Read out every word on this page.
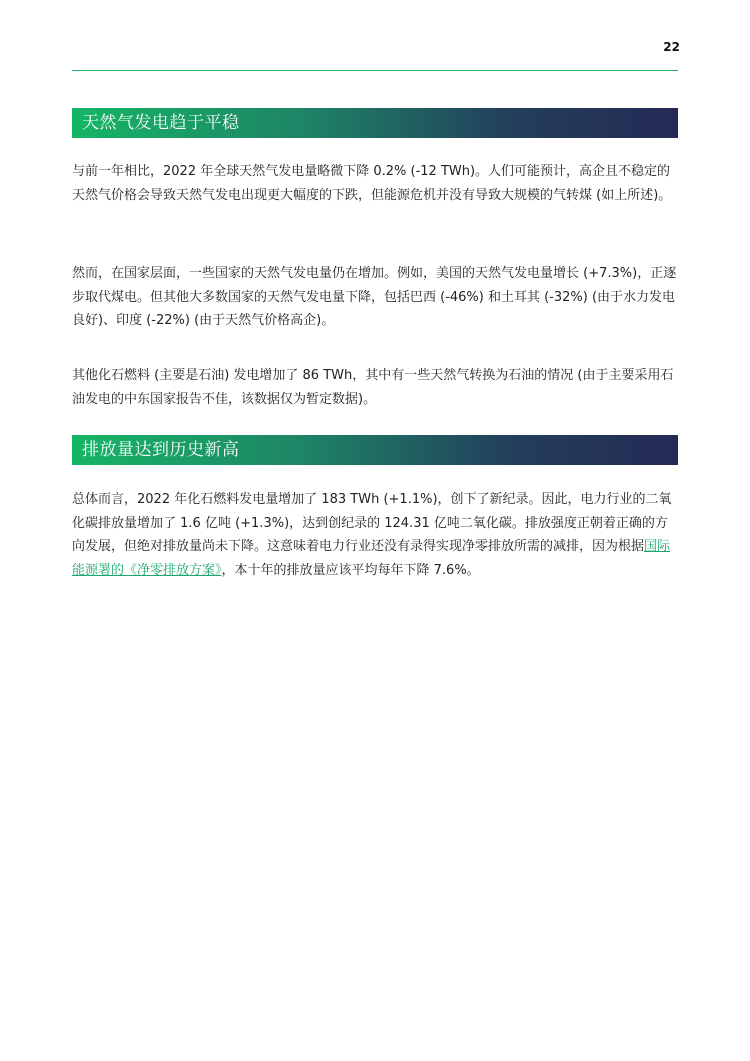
22
天然气发电趋于平稳

与前一年相比，2022 年全球天然气发电量略微下降 0.2% (-12 TWh)。人们可能预计，高企且不稳定的天然气价格会导致天然气发电出现更大幅度的下跌，但能源危机并没有导致大规模的气转煤 (如上所述)。

然而，在国家层面，一些国家的天然气发电量仍在增加。例如，美国的天然气发电量增长 (+7.3%)，正逐步取代煤电。但其他大多数国家的天然气发电量下降，包括巴西 (-46%) 和土耳其 (-32%) (由于水力发电良好)、印度 (-22%) (由于天然气价格高企)。

其他化石燃料 (主要是石油) 发电增加了 86 TWh，其中有一些天然气转换为石油的情况 (由于主要采用石油发电的中东国家报告不佳，该数据仅为暂定数据)。

排放量达到历史新高

总体而言，2022 年化石燃料发电量增加了 183 TWh (+1.1%)，创下了新纪录。因此，电力行业的二氧化碳排放量增加了 1.6 亿吨 (+1.3%)，达到创纪录的 124.31 亿吨二氧化碳。排放强度正朝着正确的方向发展，但绝对排放量尚未下降。这意味着电力行业还没有录得实现净零排放所需的减排，因为根据国际能源署的《净零排放方案》，本十年的排放量应该平均每年下降 7.6%。
